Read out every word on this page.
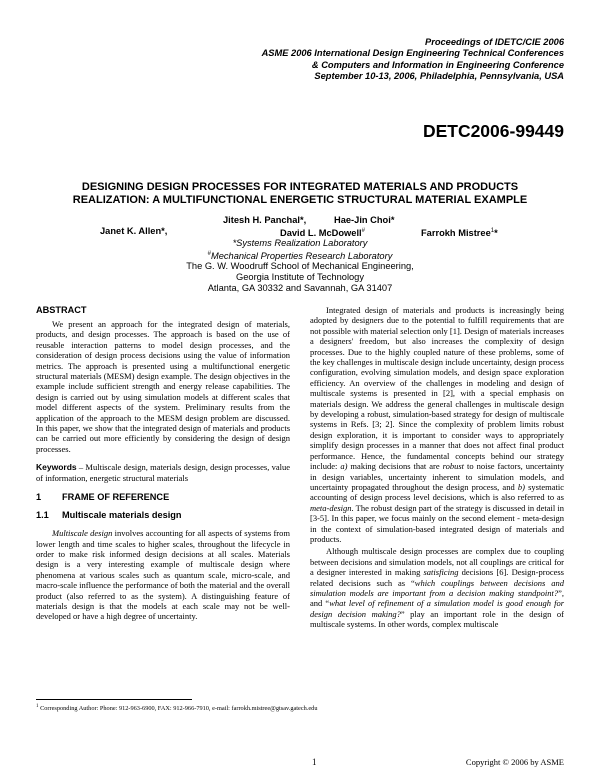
Proceedings of IDETC/CIE 2006
ASME 2006 International Design Engineering Technical Conferences
& Computers and Information in Engineering Conference
September 10-13, 2006, Philadelphia, Pennsylvania, USA
DETC2006-99449
DESIGNING DESIGN PROCESSES FOR INTEGRATED MATERIALS AND PRODUCTS
REALIZATION: A MULTIFUNCTIONAL ENERGETIC STRUCTURAL MATERIAL EXAMPLE
Jitesh H. Panchal*,	Hae-Jin Choi*
Janet K. Allen*,	David L. McDowell#	Farrokh Mistree$^1$*
*Systems Realization Laboratory
#Mechanical Properties Research Laboratory
The G. W. Woodruff School of Mechanical Engineering,
Georgia Institute of Technology
Atlanta, GA 30332 and Savannah, GA 31407

ABSTRACT

We present an approach for the integrated design of materials, products, and design processes. The approach is based on the use of reusable interaction patterns to model design processes, and the consideration of design process decisions using the value of information metrics. The approach is presented using a multifunctional energetic structural materials (MESM) design example. The design objectives in the example include sufficient strength and energy release capabilities. The design is carried out by using simulation models at different scales that model different aspects of the system. Preliminary results from the application of the approach to the MESM design problem are discussed. In this paper, we show that the integrated design of materials and products can be carried out more efficiently by considering the design of design processes.

Keywords – Multiscale design, materials design, design processes, value of information, energetic structural materials

1	FRAME OF REFERENCE

1.1	Multiscale materials design

Multiscale design involves accounting for all aspects of systems from lower length and time scales to higher scales, throughout the lifecycle in order to make risk informed design decisions at all scales. Materials design is a very interesting example of multiscale design where phenomena at various scales such as quantum scale, micro-scale, and macro-scale influence the performance of both the material and the overall product (also referred to as the system). A distinguishing feature of materials design is that the models at each scale may not be well-developed or have a high degree of uncertainty.

Integrated design of materials and products is increasingly being adopted by designers due to the potential to fulfill requirements that are not possible with material selection only [1]. Design of materials increases a designers' freedom, but also increases the complexity of design processes. Due to the highly coupled nature of these problems, some of the key challenges in multiscale design include uncertainty, design process configuration, evolving simulation models, and design space exploration efficiency. An overview of the challenges in modeling and design of multiscale systems is presented in [2], with a special emphasis on materials design. We address the general challenges in multiscale design by developing a robust, simulation-based strategy for design of multiscale systems in Refs. [3; 2]. Since the complexity of problem limits robust design exploration, it is important to consider ways to appropriately simplify design processes in a manner that does not affect final product performance. Hence, the fundamental concepts behind our strategy include: a) making decisions that are robust to noise factors, uncertainty in design variables, uncertainty inherent to simulation models, and uncertainty propagated throughout the design process, and b) systematic accounting of design process level decisions, which is also referred to as meta-design. The robust design part of the strategy is discussed in detail in [3-5]. In this paper, we focus mainly on the second element - meta-design in the context of simulation-based integrated design of materials and products.

Although multiscale design processes are complex due to coupling between decisions and simulation models, not all couplings are critical for a designer interested in making satisficing decisions [6]. Design-process related decisions such as “which couplings between decisions and simulation models are important from a decision making standpoint?”, and “what level of refinement of a simulation model is good enough for design decision making?” play an important role in the design of multiscale systems. In other words, complex multiscale

$^1$ Corresponding Author: Phone: 912-963-6900, FAX: 912-966-7910, e-mail: farrokh.mistree@gtsav.gatech.edu
1	Copyright © 2006 by ASME
